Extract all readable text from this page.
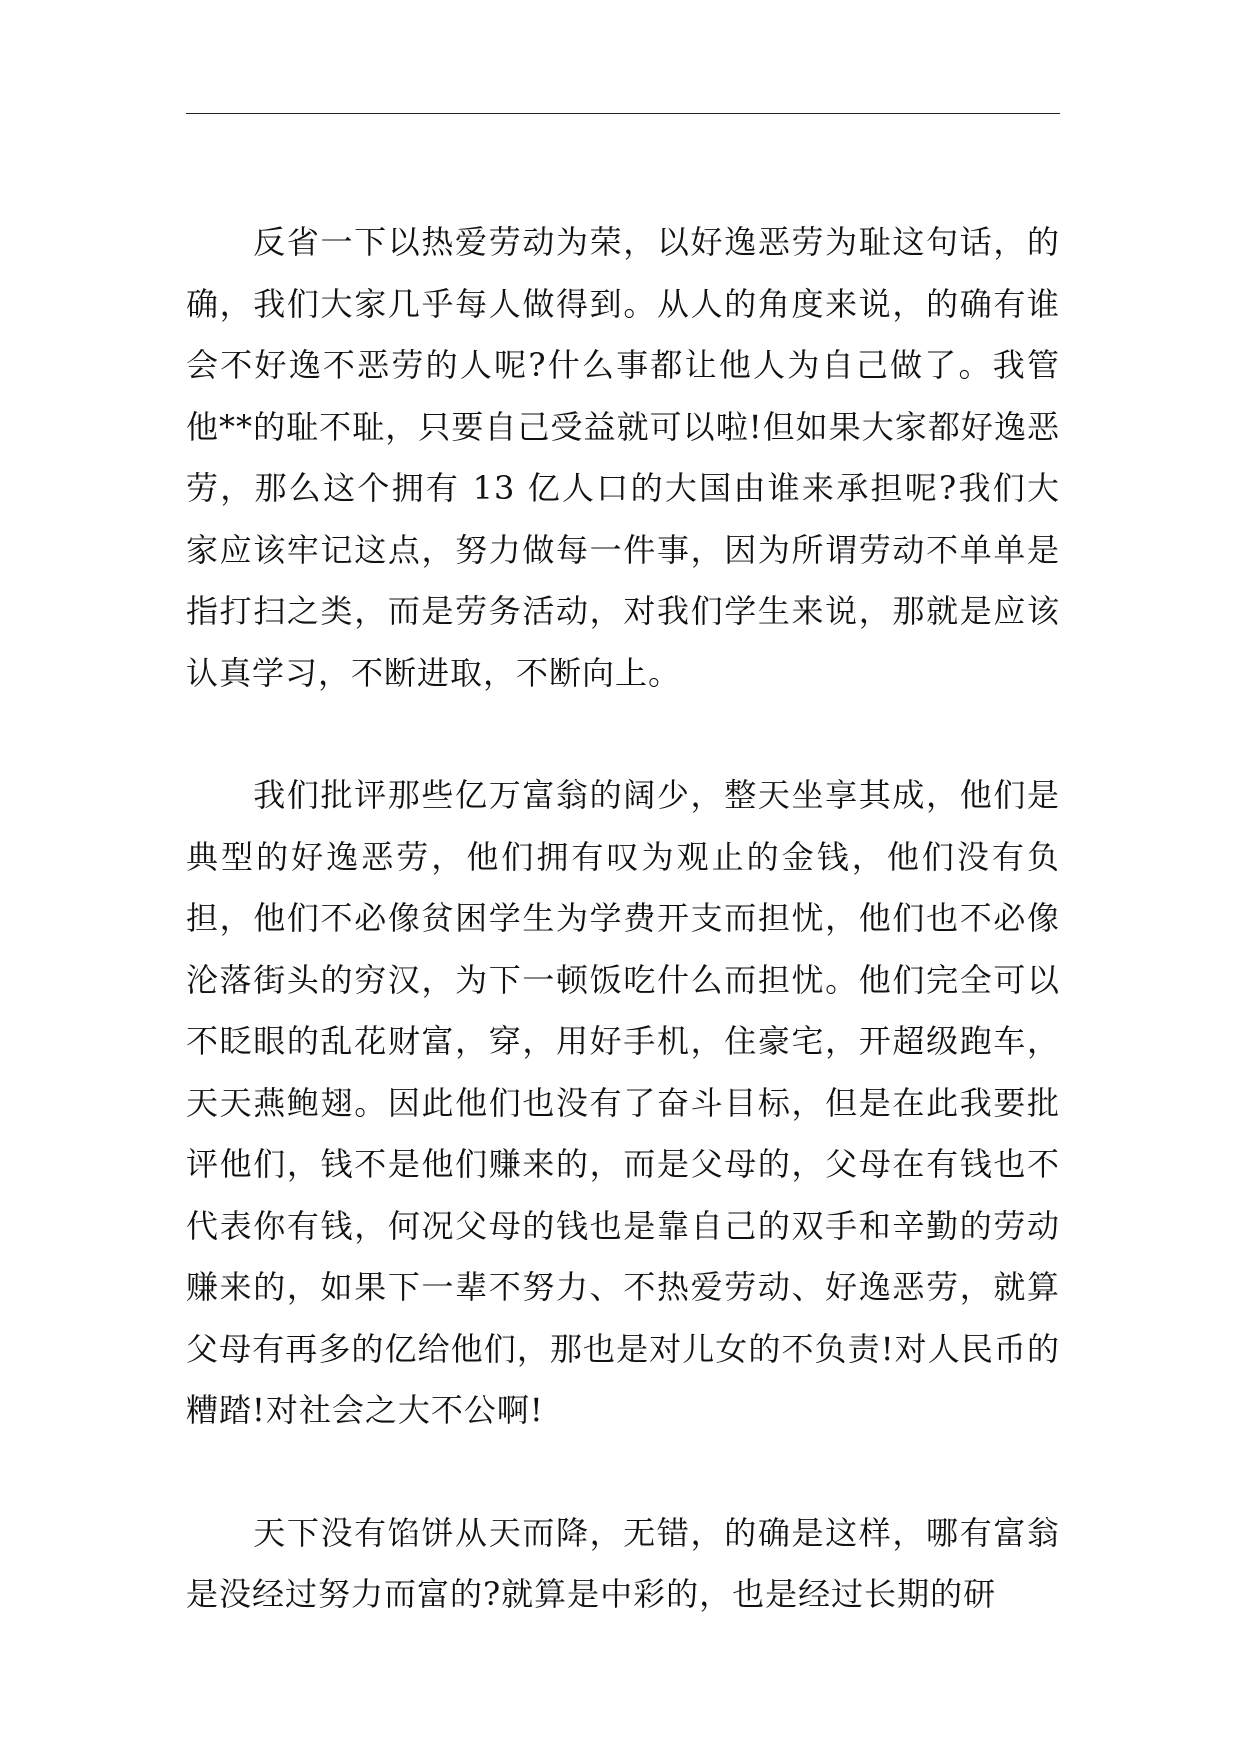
反省一下以热爱劳动为荣，以好逸恶劳为耻这句话，的确，我们大家几乎每人做得到。从人的角度来说，的确有谁会不好逸不恶劳的人呢?什么事都让他人为自己做了。我管他**的耻不耻，只要自己受益就可以啦!但如果大家都好逸恶劳，那么这个拥有 13 亿人口的大国由谁来承担呢?我们大家应该牢记这点，努力做每一件事，因为所谓劳动不单单是指打扫之类，而是劳务活动，对我们学生来说，那就是应该认真学习，不断进取，不断向上。

我们批评那些亿万富翁的阔少，整天坐享其成，他们是典型的好逸恶劳，他们拥有叹为观止的金钱，他们没有负担，他们不必像贫困学生为学费开支而担忧，他们也不必像沦落街头的穷汉，为下一顿饭吃什么而担忧。他们完全可以不眨眼的乱花财富，穿，用好手机，住豪宅，开超级跑车，天天燕鲍翅。因此他们也没有了奋斗目标，但是在此我要批评他们，钱不是他们赚来的，而是父母的，父母在有钱也不代表你有钱，何况父母的钱也是靠自己的双手和辛勤的劳动赚来的，如果下一辈不努力、不热爱劳动、好逸恶劳，就算父母有再多的亿给他们，那也是对儿女的不负责!对人民币的糟踏!对社会之大不公啊!

天下没有馅饼从天而降，无错，的确是这样，哪有富翁是没经过努力而富的?就算是中彩的，也是经过长期的研
